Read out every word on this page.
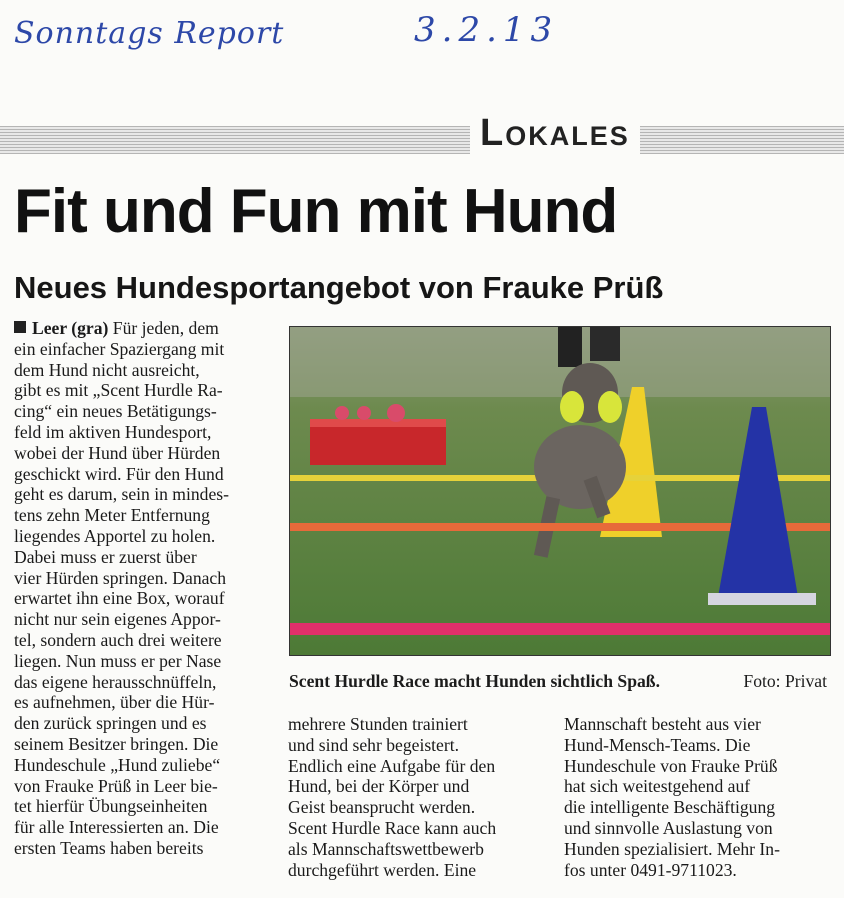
Sonntags Report	3.2.13
Lokales
Fit und Fun mit Hund
Neues Hundesportangebot von Frauke Prüß
Leer (gra) Für jeden, dem
ein einfacher Spaziergang mit
dem Hund nicht ausreicht,
gibt es mit „Scent Hurdle Ra-
cing“ ein neues Betätigungs-
feld im aktiven Hundesport,
wobei der Hund über Hürden
geschickt wird. Für den Hund
geht es darum, sein in mindes-
tens zehn Meter Entfernung
liegendes Apportel zu holen.
Dabei muss er zuerst über
vier Hürden springen. Danach
erwartet ihn eine Box, worauf
nicht nur sein eigenes Appor-
tel, sondern auch drei weitere
liegen. Nun muss er per Nase
das eigene herausschnüffeln,
es aufnehmen, über die Hür-
den zurück springen und es
seinem Besitzer bringen. Die
Hundeschule „Hund zuliebe“
von Frauke Prüß in Leer bie-
tet hierfür Übungseinheiten
für alle Interessierten an. Die
ersten Teams haben bereits
Scent Hurdle Race macht Hunden sichtlich Spaß.	Foto: Privat
mehrere Stunden trainiert
und sind sehr begeistert.
Endlich eine Aufgabe für den
Hund, bei der Körper und
Geist beansprucht werden.
Scent Hurdle Race kann auch
als Mannschaftswettbewerb
durchgeführt werden. Eine
Mannschaft besteht aus vier
Hund-Mensch-Teams. Die
Hundeschule von Frauke Prüß
hat sich weitestgehend auf
die intelligente Beschäftigung
und sinnvolle Auslastung von
Hunden spezialisiert. Mehr In-
fos unter 0491-9711023.
